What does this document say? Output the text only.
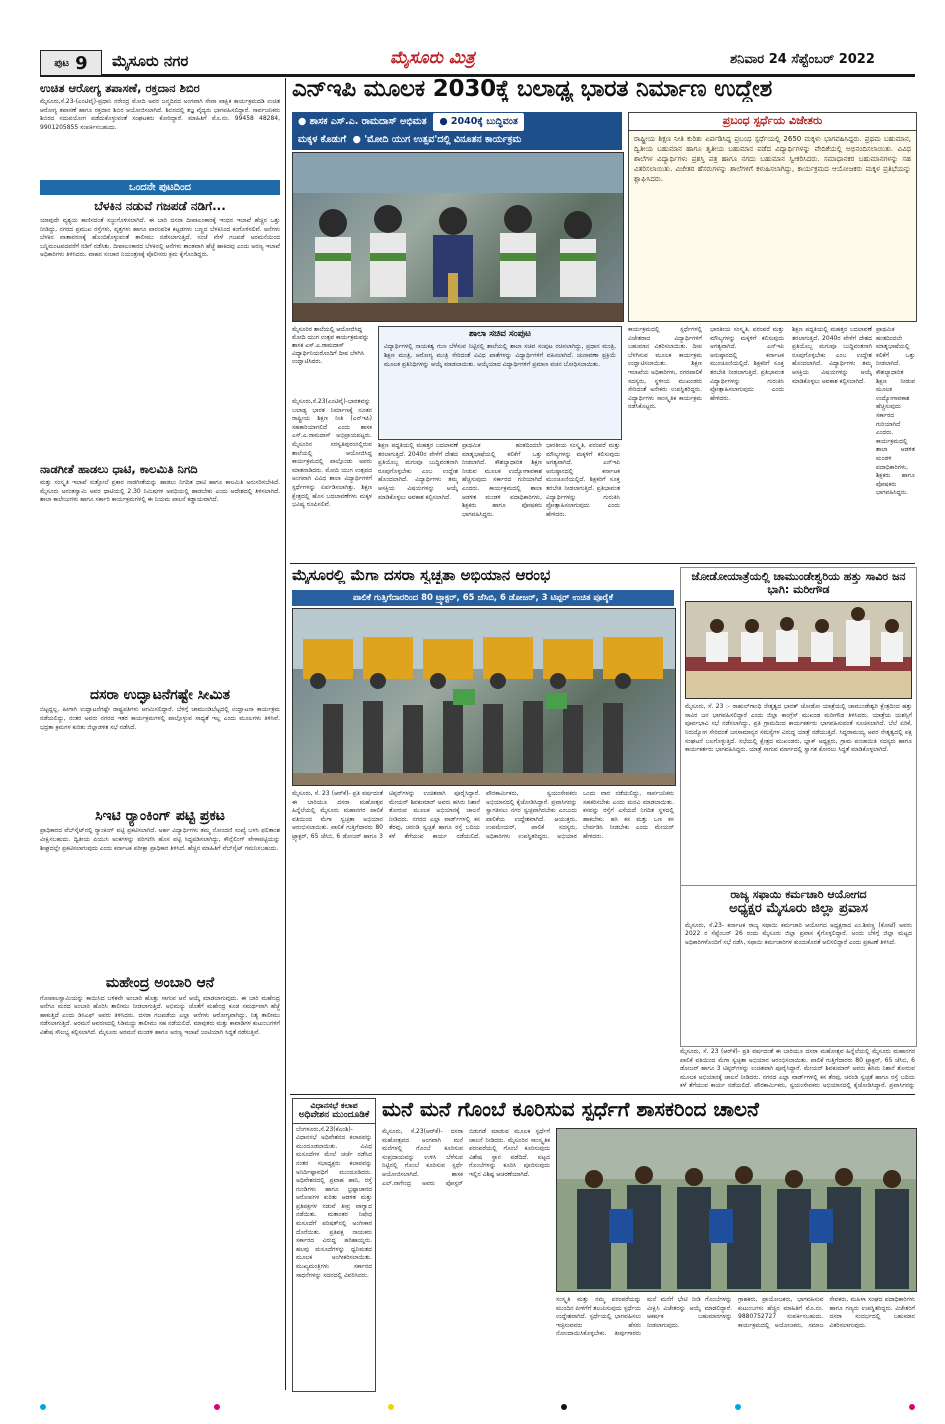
ಪುಟ 9 ಮೈಸೂರು ನಗರ	ಮೈಸೂರು ಮಿತ್ರ	ಶನಿವಾರ 24 ಸೆಪ್ಟೆಂಬರ್ 2022
ಉಚಿತ ಆರೋಗ್ಯ ತಪಾಸಣೆ, ರಕ್ತದಾನ ಶಿಬಿರ
ಮೈಸೂರು,ಸೆ.23-(ಎಂಟಿವೈ)-ಪ್ರಧಾನಿ ನರೇಂದ್ರ ಮೋದಿ ಅವರ ಜನ್ಮದಿನದ ಅಂಗವಾಗಿ ಸೇವಾ ಪಾಕ್ಷಿಕ ಕಾರ್ಯಕ್ರಮದಡಿ ಉಚಿತ ಆರೋಗ್ಯ ತಪಾಸಣೆ ಹಾಗೂ ರಕ್ತದಾನ ಶಿಬಿರ ಆಯೋಜಿಸಲಾಗಿದೆ. ಶಿಬಿರದಲ್ಲಿ ತಜ್ಞ ವೈದ್ಯರು ಭಾಗವಹಿಸಲಿದ್ದಾರೆ. ಸಾರ್ವಜನಿಕರು ಶಿಬಿರದ ಸದುಪಯೋಗ ಪಡೆದುಕೊಳ್ಳುವಂತೆ ಸಂಘಟಕರು ಕೋರಿದ್ದಾರೆ. ಮಾಹಿತಿಗೆ ಮೊ.ನಂ. 99458 48284, 9901205855 ಸಂಪರ್ಕಿಸಬಹುದು.
ಒಂದನೇ ಪುಟದಿಂದ
ಬೆಳಕಿನ ನಡುವೆ ಗಜಪಡೆ ನಡಿಗೆ...
ಯಾವುದೇ ವ್ಯತ್ಯಯ ಕಾಣಿಸದಂತೆ ಸಜ್ಜುಗೊಳಿಸಲಾಗಿದೆ. ಈ ಬಾರಿ ದಸರಾ ದೀಪಾಲಂಕಾರಕ್ಕೆ ಇಂಧನ ಇಲಾಖೆ ಹೆಚ್ಚಿನ ಒತ್ತು ನೀಡಿದ್ದು, ನಗರದ ಪ್ರಮುಖ ರಸ್ತೆಗಳು, ವೃತ್ತಗಳು ಹಾಗೂ ಪಾರಂಪರಿಕ ಕಟ್ಟಡಗಳು ಬಣ್ಣದ ಬೆಳಕಿನಿಂದ ಕಂಗೊಳಿಸಲಿವೆ. ಆನೆಗಳು ಬೆಳಕಿನ ವಾತಾವರಣಕ್ಕೆ ಹೊಂದಿಕೊಳ್ಳುವಂತೆ ತಾಲೀಮು ನಡೆಸಲಾಗುತ್ತಿದೆ. ಸಂಜೆ ವೇಳೆ ಗಜಪಡೆ ಅರಮನೆಯಿಂದ ಬನ್ನಿಮಂಟಪದವರೆಗೆ ನಡಿಗೆ ನಡೆಸಿತು. ದೀಪಾಲಂಕಾರದ ಬೆಳಕಿನಲ್ಲಿ ಆನೆಗಳು ಶಾಂತವಾಗಿ ಹೆಜ್ಜೆ ಹಾಕಿದವು ಎಂದು ಅರಣ್ಯ ಇಲಾಖೆ ಅಧಿಕಾರಿಗಳು ತಿಳಿಸಿದರು. ವಾಹನ ಸಂಚಾರ ನಿಯಂತ್ರಣಕ್ಕೆ ಪೊಲೀಸರು ಕ್ರಮ ಕೈಗೊಂಡಿದ್ದರು.
ನಾಡಗೀತೆ ಹಾಡಲು ಧಾಟಿ, ಕಾಲಮಿತಿ ನಿಗದಿ
ಮತ್ತು ಸಂಸ್ಕೃತಿ ಇಲಾಖೆ ಸುತ್ತೋಲೆ ಪ್ರಕಾರ ನಾಡಗೀತೆಯನ್ನು ಹಾಡಲು ನಿಗದಿತ ಧಾಟಿ ಹಾಗೂ ಕಾಲಮಿತಿ ಅನುಸರಿಸಬೇಕಿದೆ. ಮೈಸೂರು ಅನಂತಸ್ವಾಮಿ ಅವರ ಧಾಟಿಯಲ್ಲಿ 2.30 ನಿಮಿಷಗಳ ಅವಧಿಯಲ್ಲಿ ಹಾಡಬೇಕು ಎಂದು ಆದೇಶದಲ್ಲಿ ತಿಳಿಸಲಾಗಿದೆ. ಶಾಲಾ ಕಾಲೇಜುಗಳು ಹಾಗೂ ಸರ್ಕಾರಿ ಕಾರ್ಯಕ್ರಮಗಳಲ್ಲಿ ಈ ನಿಯಮ ಪಾಲನೆ ಕಡ್ಡಾಯವಾಗಿದೆ.
ದಸರಾ ಉದ್ಘಾಟನೆಗಷ್ಟೇ ಸೀಮಿತ
ಬಿಟ್ಟದ್ದಲ್ಲ. ಹೀಗಾಗಿ ಉದ್ಘಾಟನೆಗಷ್ಟೇ ರಾಷ್ಟ್ರಪತಿಗಳು ಆಗಮಿಸಲಿದ್ದಾರೆ. ಬೆಳಿಗ್ಗೆ ಚಾಮುಂಡಿಬೆಟ್ಟದಲ್ಲಿ ಉದ್ಘಾಟನಾ ಕಾರ್ಯಕ್ರಮ ನಡೆಯಲಿದ್ದು, ನಂತರ ಅವರು ನಗರದ ಇತರ ಕಾರ್ಯಕ್ರಮಗಳಲ್ಲಿ ಪಾಲ್ಗೊಳ್ಳುವ ಸಾಧ್ಯತೆ ಇಲ್ಲ ಎಂದು ಮೂಲಗಳು ತಿಳಿಸಿವೆ. ಭದ್ರತಾ ಕ್ರಮಗಳ ಕುರಿತು ಜಿಲ್ಲಾಡಳಿತ ಸಭೆ ನಡೆಸಿದೆ.
ಸಿಇಟಿ ರ‍್ಯಾಂಕಿಂಗ್ ಪಟ್ಟಿ ಪ್ರಕಟ
ಪ್ರಾಧಿಕಾರದ ವೆಬ್‌ಸೈಟ್‌ನಲ್ಲಿ ರ‍್ಯಾಂಕಿಂಗ್ ಪಟ್ಟಿ ಪ್ರಕಟಿಸಲಾಗಿದೆ. ಅರ್ಹ ವಿದ್ಯಾರ್ಥಿಗಳು ತಮ್ಮ ನೋಂದಣಿ ಸಂಖ್ಯೆ ಬಳಸಿ ಫಲಿತಾಂಶ ವೀಕ್ಷಿಸಬಹುದು. ದ್ವಿತೀಯ ಪಿಯುಸಿ ಅಂಕಗಳನ್ನು ಪರಿಗಣಿಸಿ ಹೊಸ ಪಟ್ಟಿ ಸಿದ್ಧಪಡಿಸಲಾಗಿದ್ದು, ಕೌನ್ಸೆಲಿಂಗ್ ವೇಳಾಪಟ್ಟಿಯನ್ನು ಶೀಘ್ರದಲ್ಲೇ ಪ್ರಕಟಿಸಲಾಗುವುದು ಎಂದು ಕರ್ನಾಟಕ ಪರೀಕ್ಷಾ ಪ್ರಾಧಿಕಾರ ತಿಳಿಸಿದೆ. ಹೆಚ್ಚಿನ ಮಾಹಿತಿಗೆ ವೆಬ್‌ಸೈಟ್ ಗಮನಿಸಬಹುದು.
ಮಹೇಂದ್ರ ಅಂಬಾರಿ ಆನೆ
ಗೋಪಾಲಸ್ವಾಮಿಯನ್ನು ಕಾಯಿಸಿದ ಬಳಿಕವೇ ಅಂಬಾರಿ ಹೊತ್ತು ಸಾಗುವ ಆನೆ ಆಯ್ಕೆ ಮಾಡಲಾಗುವುದು. ಈ ಬಾರಿ ಮಹೇಂದ್ರ ಆನೆಗೂ ಮರದ ಅಂಬಾರಿ ಹೊರಿಸಿ ತಾಲೀಮು ನೀಡಲಾಗುತ್ತಿದೆ. ಅಭಿಮನ್ಯು ಜೊತೆಗೆ ಮಹೇಂದ್ರ ಕೂಡ ಸಮರ್ಥವಾಗಿ ಹೆಜ್ಜೆ ಹಾಕುತ್ತಿದೆ ಎಂದು ಡಿಸಿಎಫ್ ಅವರು ತಿಳಿಸಿದರು. ದಸರಾ ಗಜಪಡೆಯ ಎಲ್ಲಾ ಆನೆಗಳು ಆರೋಗ್ಯವಾಗಿದ್ದು, ನಿತ್ಯ ತಾಲೀಮು ನಡೆಸಲಾಗುತ್ತಿದೆ. ಅರಮನೆ ಆವರಣದಲ್ಲಿ ಸಿಡಿಮದ್ದು ತಾಲೀಮು ಸಹ ನಡೆಯಲಿದೆ. ಮಾವುತರು ಮತ್ತು ಕಾವಾಡಿಗಳ ಕುಟುಂಬಗಳಿಗೆ ವಿಶೇಷ ಸೌಲಭ್ಯ ಕಲ್ಪಿಸಲಾಗಿದೆ. ಮೈಸೂರು ಅರಮನೆ ಮಂಡಳಿ ಹಾಗೂ ಅರಣ್ಯ ಇಲಾಖೆ ಜಂಟಿಯಾಗಿ ಸಿದ್ಧತೆ ನಡೆಸುತ್ತಿವೆ.
ಎನ್‌ಇಪಿ ಮೂಲಕ 2030ಕ್ಕೆ ಬಲಾಢ್ಯ ಭಾರತ ನಿರ್ಮಾಣ ಉದ್ದೇಶ
● ಶಾಸಕ ಎಸ್.ಎ. ರಾಮದಾಸ್ ಅಭಿಮತ ● 2040ಕ್ಕೆ ಬುದ್ಧಿವಂತ
ಮಕ್ಕಳ ಕೊಡುಗೆ ● 'ಮೋದಿ ಯುಗ ಉತ್ಸವ'ದಲ್ಲಿ ವಿನೂತನ ಕಾರ್ಯಕ್ರಮ
ಪ್ರಬಂಧ ಸ್ಪರ್ಧೆಯ ವಿಜೇತರು
ರಾಷ್ಟ್ರೀಯ ಶಿಕ್ಷಣ ನೀತಿ ಕುರಿತು ಏರ್ಪಡಿಸಿದ್ದ ಪ್ರಬಂಧ ಸ್ಪರ್ಧೆಯಲ್ಲಿ 2650 ಮಕ್ಕಳು ಭಾಗವಹಿಸಿದ್ದರು. ಪ್ರಥಮ ಬಹುಮಾನ, ದ್ವಿತೀಯ ಬಹುಮಾನ ಹಾಗೂ ತೃತೀಯ ಬಹುಮಾನ ಪಡೆದ ವಿದ್ಯಾರ್ಥಿಗಳನ್ನು ವೇದಿಕೆಯಲ್ಲಿ ಅಭಿನಂದಿಸಲಾಯಿತು. ವಿವಿಧ ಶಾಲೆಗಳ ವಿದ್ಯಾರ್ಥಿಗಳು ಪ್ರಶಸ್ತಿ ಪತ್ರ ಹಾಗೂ ನಗದು ಬಹುಮಾನ ಸ್ವೀಕರಿಸಿದರು. ಸಮಾಧಾನಕರ ಬಹುಮಾನಗಳನ್ನು ಸಹ ವಿತರಿಸಲಾಯಿತು. ವಿಜೇತರ ಹೆಸರುಗಳನ್ನು ಶಾಲೆಗಳಿಗೆ ಕಳುಹಿಸಲಾಗಿದ್ದು, ಕಾರ್ಯಕ್ರಮದ ಆಯೋಜಕರು ಮಕ್ಕಳ ಪ್ರತಿಭೆಯನ್ನು ಶ್ಲಾಘಿಸಿದರು.
ಮೈಸೂರಿನ ಶಾಲೆಯಲ್ಲಿ ಆಯೋಜಿಸಿದ್ದ ಮೋದಿ ಯುಗ ಉತ್ಸವ ಕಾರ್ಯಕ್ರಮವನ್ನು ಶಾಸಕ ಎಸ್.ಎ.ರಾಮದಾಸ್ ವಿದ್ಯಾರ್ಥಿನಿಯರೊಂದಿಗೆ ದೀಪ ಬೆಳಗಿಸಿ ಉದ್ಘಾಟಿಸಿದರು.
ಮೈಸೂರು,ಸೆ.23(ಎಂಟಿವೈ)-ಭಾರತವನ್ನು ಬಲಾಢ್ಯ ಭಾರತ ನಿರ್ಮಾಣಕ್ಕೆ ನೂತನ ರಾಷ್ಟ್ರೀಯ ಶಿಕ್ಷಣ ನೀತಿ (ಎನ್‌ಇಪಿ) ಸಹಕಾರಿಯಾಗಲಿದೆ ಎಂದು ಶಾಸಕ ಎಸ್.ಎ.ರಾಮದಾಸ್ ಅಭಿಪ್ರಾಯಪಟ್ಟರು. ಮೈಸೂರಿನ ಸರಸ್ವತಿಪುರಂನಲ್ಲಿರುವ ಶಾಲೆಯಲ್ಲಿ ಆಯೋಜಿಸಿದ್ದ ಕಾರ್ಯಕ್ರಮದಲ್ಲಿ ಪಾಲ್ಗೊಂಡು ಅವರು ಮಾತನಾಡಿದರು. ಮೋದಿ ಯುಗ ಉತ್ಸವದ ಅಂಗವಾಗಿ ವಿವಿಧ ಶಾಲಾ ವಿದ್ಯಾರ್ಥಿಗಳಿಗೆ ಸ್ಪರ್ಧೆಗಳನ್ನು ಏರ್ಪಡಿಸಲಾಗಿತ್ತು. ಶಿಕ್ಷಣ ಕ್ಷೇತ್ರದಲ್ಲಿ ಹೊಸ ಬದಲಾವಣೆಗಳು ಮಕ್ಕಳ ಭವಿಷ್ಯ ರೂಪಿಸಲಿವೆ.
ಶಾಲಾ ಸಚಿವ ಸಂಪುಟ
ವಿದ್ಯಾರ್ಥಿಗಳಲ್ಲಿ ನಾಯಕತ್ವ ಗುಣ ಬೆಳೆಸುವ ನಿಟ್ಟಿನಲ್ಲಿ ಶಾಲೆಯಲ್ಲಿ ಶಾಲಾ ಸಚಿವ ಸಂಪುಟ ರಚಿಸಲಾಗಿದ್ದು, ಪ್ರಧಾನ ಮಂತ್ರಿ, ಶಿಕ್ಷಣ ಮಂತ್ರಿ, ಆರೋಗ್ಯ ಮಂತ್ರಿ ಸೇರಿದಂತೆ ವಿವಿಧ ಖಾತೆಗಳನ್ನು ವಿದ್ಯಾರ್ಥಿಗಳಿಗೆ ವಹಿಸಲಾಗಿದೆ. ಚುನಾವಣಾ ಪ್ರಕ್ರಿಯೆ ಮೂಲಕ ಪ್ರತಿನಿಧಿಗಳನ್ನು ಆಯ್ಕೆ ಮಾಡಲಾಯಿತು. ಆಯ್ಕೆಯಾದ ವಿದ್ಯಾರ್ಥಿಗಳಿಗೆ ಪ್ರಮಾಣ ವಚನ ಬೋಧಿಸಲಾಯಿತು.
ಶಿಕ್ಷಣ ಪದ್ಧತಿಯಲ್ಲಿ ಮಹತ್ತರ ಬದಲಾವಣೆ ತರಲಾಗುತ್ತಿದೆ. 2040ರ ವೇಳೆಗೆ ದೇಶದ ಪ್ರತಿಯೊಬ್ಬ ಮಗುವೂ ಬುದ್ಧಿವಂತನಾಗಿ ರೂಪುಗೊಳ್ಳಬೇಕು ಎಂಬ ಉದ್ದೇಶ ಹೊಂದಲಾಗಿದೆ. ವಿದ್ಯಾರ್ಥಿಗಳು ತಮ್ಮ ಆಸಕ್ತಿಯ ವಿಷಯಗಳನ್ನು ಆಯ್ಕೆ ಮಾಡಿಕೊಳ್ಳಲು ಅವಕಾಶ ಕಲ್ಪಿಸಲಾಗಿದೆ.
ಪ್ರಾಥಮಿಕ ಹಂತದಿಂದಲೇ ಮಾತೃಭಾಷೆಯಲ್ಲಿ ಕಲಿಕೆಗೆ ಒತ್ತು ನೀಡಲಾಗಿದೆ. ಕೌಶಲ್ಯಾಧಾರಿತ ಶಿಕ್ಷಣ ನೀಡುವ ಮೂಲಕ ಉದ್ಯೋಗಾವಕಾಶ ಹೆಚ್ಚಿಸುವುದು ಸರ್ಕಾರದ ಗುರಿಯಾಗಿದೆ ಎಂದರು. ಕಾರ್ಯಕ್ರಮದಲ್ಲಿ ಶಾಲಾ ಆಡಳಿತ ಮಂಡಳಿ ಪದಾಧಿಕಾರಿಗಳು, ಶಿಕ್ಷಕರು ಹಾಗೂ ಪೋಷಕರು ಭಾಗವಹಿಸಿದ್ದರು.
ಭಾರತೀಯ ಸಂಸ್ಕೃತಿ, ಪರಂಪರೆ ಮತ್ತು ಮೌಲ್ಯಗಳನ್ನು ಮಕ್ಕಳಿಗೆ ಕಲಿಸುವುದು ಅಗತ್ಯವಾಗಿದೆ. ಎನ್‌ಇಪಿ ಅನುಷ್ಠಾನದಲ್ಲಿ ಕರ್ನಾಟಕ ಮುಂಚೂಣಿಯಲ್ಲಿದೆ. ಶಿಕ್ಷಕರಿಗೆ ಸೂಕ್ತ ತರಬೇತಿ ನೀಡಲಾಗುತ್ತಿದೆ. ಪ್ರತಿಭಾವಂತ ವಿದ್ಯಾರ್ಥಿಗಳನ್ನು ಗುರುತಿಸಿ ಪ್ರೋತ್ಸಾಹಿಸಲಾಗುವುದು ಎಂದು ಹೇಳಿದರು.
ಕಾರ್ಯಕ್ರಮದಲ್ಲಿ ಸ್ಪರ್ಧೆಗಳಲ್ಲಿ ವಿಜೇತರಾದ ವಿದ್ಯಾರ್ಥಿಗಳಿಗೆ ಬಹುಮಾನ ವಿತರಿಸಲಾಯಿತು. ದೀಪ ಬೆಳಗಿಸುವ ಮೂಲಕ ಕಾರ್ಯಕ್ರಮ ಉದ್ಘಾಟಿಸಲಾಯಿತು. ಶಿಕ್ಷಣ ಇಲಾಖೆಯ ಅಧಿಕಾರಿಗಳು, ನಗರಪಾಲಿಕೆ ಸದಸ್ಯರು, ಸ್ಥಳೀಯ ಮುಖಂಡರು ಸೇರಿದಂತೆ ಅನೇಕರು ಉಪಸ್ಥಿತರಿದ್ದರು. ವಿದ್ಯಾರ್ಥಿಗಳು ಸಾಂಸ್ಕೃತಿಕ ಕಾರ್ಯಕ್ರಮ ನಡೆಸಿಕೊಟ್ಟರು.
ಭಾರತೀಯ ಸಂಸ್ಕೃತಿ, ಪರಂಪರೆ ಮತ್ತು ಮೌಲ್ಯಗಳನ್ನು ಮಕ್ಕಳಿಗೆ ಕಲಿಸುವುದು ಅಗತ್ಯವಾಗಿದೆ. ಎನ್‌ಇಪಿ ಅನುಷ್ಠಾನದಲ್ಲಿ ಕರ್ನಾಟಕ ಮುಂಚೂಣಿಯಲ್ಲಿದೆ. ಶಿಕ್ಷಕರಿಗೆ ಸೂಕ್ತ ತರಬೇತಿ ನೀಡಲಾಗುತ್ತಿದೆ. ಪ್ರತಿಭಾವಂತ ವಿದ್ಯಾರ್ಥಿಗಳನ್ನು ಗುರುತಿಸಿ ಪ್ರೋತ್ಸಾಹಿಸಲಾಗುವುದು ಎಂದು ಹೇಳಿದರು.
ಶಿಕ್ಷಣ ಪದ್ಧತಿಯಲ್ಲಿ ಮಹತ್ತರ ಬದಲಾವಣೆ ತರಲಾಗುತ್ತಿದೆ. 2040ರ ವೇಳೆಗೆ ದೇಶದ ಪ್ರತಿಯೊಬ್ಬ ಮಗುವೂ ಬುದ್ಧಿವಂತನಾಗಿ ರೂಪುಗೊಳ್ಳಬೇಕು ಎಂಬ ಉದ್ದೇಶ ಹೊಂದಲಾಗಿದೆ. ವಿದ್ಯಾರ್ಥಿಗಳು ತಮ್ಮ ಆಸಕ್ತಿಯ ವಿಷಯಗಳನ್ನು ಆಯ್ಕೆ ಮಾಡಿಕೊಳ್ಳಲು ಅವಕಾಶ ಕಲ್ಪಿಸಲಾಗಿದೆ.
ಪ್ರಾಥಮಿಕ ಹಂತದಿಂದಲೇ ಮಾತೃಭಾಷೆಯಲ್ಲಿ ಕಲಿಕೆಗೆ ಒತ್ತು ನೀಡಲಾಗಿದೆ. ಕೌಶಲ್ಯಾಧಾರಿತ ಶಿಕ್ಷಣ ನೀಡುವ ಮೂಲಕ ಉದ್ಯೋಗಾವಕಾಶ ಹೆಚ್ಚಿಸುವುದು ಸರ್ಕಾರದ ಗುರಿಯಾಗಿದೆ ಎಂದರು. ಕಾರ್ಯಕ್ರಮದಲ್ಲಿ ಶಾಲಾ ಆಡಳಿತ ಮಂಡಳಿ ಪದಾಧಿಕಾರಿಗಳು, ಶಿಕ್ಷಕರು ಹಾಗೂ ಪೋಷಕರು ಭಾಗವಹಿಸಿದ್ದರು.
ಮೈಸೂರಲ್ಲಿ ಮೆಗಾ ದಸರಾ ಸ್ವಚ್ಛತಾ ಅಭಿಯಾನ ಆರಂಭ
ಪಾಲಿಕೆ ಗುತ್ತಿಗೆದಾರರಿಂದ 80 ಟ್ರ್ಯಾಕ್ಟರ್, 65 ಜೆಸಿಬಿ, 6 ಡೋಜರ್, 3 ಟಿಪ್ಪರ್ ಉಚಿತ ಪೂರೈಕೆ
ಮೈಸೂರು, ಸೆ. 23 (ಆರ್‌ಕೆ)- ಪ್ರತಿ ವರ್ಷದಂತೆ ಈ ಬಾರಿಯೂ ದಸರಾ ಮಹೋತ್ಸವ ಹಿನ್ನೆಲೆಯಲ್ಲಿ ಮೈಸೂರು ಮಹಾನಗರ ಪಾಲಿಕೆ ವತಿಯಿಂದ ಮೆಗಾ ಸ್ವಚ್ಛತಾ ಅಭಿಯಾನ ಆರಂಭಿಸಲಾಯಿತು. ಪಾಲಿಕೆ ಗುತ್ತಿಗೆದಾರರು 80 ಟ್ರ್ಯಾಕ್ಟರ್, 65 ಜೆಸಿಬಿ, 6 ಡೋಜರ್ ಹಾಗೂ 3 ಟಿಪ್ಪರ್‌ಗಳನ್ನು ಉಚಿತವಾಗಿ ಪೂರೈಸಿದ್ದಾರೆ. ಮೇಯರ್ ಶಿವಕುಮಾರ್ ಅವರು ಹಸಿರು ನಿಶಾನೆ ತೋರುವ ಮೂಲಕ ಅಭಿಯಾನಕ್ಕೆ ಚಾಲನೆ ನೀಡಿದರು. ನಗರದ ಎಲ್ಲಾ ವಾರ್ಡ್‌ಗಳಲ್ಲಿ ಕಸ ತೆರವು, ಚರಂಡಿ ಸ್ವಚ್ಛತೆ ಹಾಗೂ ರಸ್ತೆ ಬದಿಯ ಕಳೆ ತೆಗೆಯುವ ಕಾರ್ಯ ನಡೆಯಲಿದೆ. ಪೌರಕಾರ್ಮಿಕರು, ಸ್ವಯಂಸೇವಕರು ಅಭಿಯಾನದಲ್ಲಿ ಕೈಜೋಡಿಸಿದ್ದಾರೆ. ಪ್ರವಾಸಿಗರನ್ನು ಸ್ವಾಗತಿಸಲು ನಗರ ಸ್ವಚ್ಛವಾಗಿರಬೇಕು ಎಂಬುದು ಪಾಲಿಕೆಯ ಉದ್ದೇಶವಾಗಿದೆ. ಆಯುಕ್ತರು, ಉಪಮೇಯರ್, ಪಾಲಿಕೆ ಸದಸ್ಯರು, ಅಧಿಕಾರಿಗಳು ಉಪಸ್ಥಿತರಿದ್ದರು. ಅಭಿಯಾನ ಒಂದು ವಾರ ನಡೆಯಲಿದ್ದು, ಸಾರ್ವಜನಿಕರು ಸಹಕರಿಸಬೇಕು ಎಂದು ಮನವಿ ಮಾಡಲಾಯಿತು. ಕಸವನ್ನು ರಸ್ತೆಗೆ ಎಸೆಯದೆ ನಿಗದಿತ ಸ್ಥಳದಲ್ಲಿ ಹಾಕಬೇಕು. ಹಸಿ ಕಸ ಮತ್ತು ಒಣ ಕಸ ಬೇರ್ಪಡಿಸಿ ನೀಡಬೇಕು ಎಂದು ಮೇಯರ್ ಹೇಳಿದರು.
ಜೋಡೋಯಾತ್ರೆಯಲ್ಲಿ ಚಾಮುಂಡೇಶ್ವರಿಯ ಹತ್ತು ಸಾವಿರ ಜನ ಭಾಗಿ: ಮರೀಗೌಡ
ಮೈಸೂರು, ಸೆ. 23 :- ರಾಹುಲ್‌ಗಾಂಧಿ ನೇತೃತ್ವದ ಭಾರತ್ ಜೋಡೋ ಯಾತ್ರೆಯಲ್ಲಿ ಚಾಮುಂಡೇಶ್ವರಿ ಕ್ಷೇತ್ರದಿಂದ ಹತ್ತು ಸಾವಿರ ಜನ ಭಾಗವಹಿಸಲಿದ್ದಾರೆ ಎಂದು ಜಿಲ್ಲಾ ಕಾಂಗ್ರೆಸ್ ಮುಖಂಡ ಮರೀಗೌಡ ತಿಳಿಸಿದರು. ಯಾತ್ರೆಯ ಯಶಸ್ಸಿಗೆ ಪೂರ್ವಭಾವಿ ಸಭೆ ನಡೆಸಲಾಗಿದ್ದು, ಪ್ರತಿ ಗ್ರಾಮದಿಂದ ಕಾರ್ಯಕರ್ತರು ಭಾಗವಹಿಸುವಂತೆ ಸೂಚಿಸಲಾಗಿದೆ. ಬೆಲೆ ಏರಿಕೆ, ನಿರುದ್ಯೋಗ ಸೇರಿದಂತೆ ಜನಸಾಮಾನ್ಯರ ಸಮಸ್ಯೆಗಳ ವಿರುದ್ಧ ಯಾತ್ರೆ ನಡೆಯುತ್ತಿದೆ. ಸಿದ್ದರಾಮಯ್ಯ ಅವರ ನೇತೃತ್ವದಲ್ಲಿ ಪಕ್ಷ ಸಂಘಟನೆ ಬಲಗೊಳ್ಳುತ್ತಿದೆ. ಸಭೆಯಲ್ಲಿ ಕ್ಷೇತ್ರದ ಮುಖಂಡರು, ಬ್ಲಾಕ್ ಅಧ್ಯಕ್ಷರು, ಗ್ರಾಮ ಪಂಚಾಯಿತಿ ಸದಸ್ಯರು ಹಾಗೂ ಕಾರ್ಯಕರ್ತರು ಭಾಗವಹಿಸಿದ್ದರು. ಯಾತ್ರೆ ಸಾಗುವ ಮಾರ್ಗದಲ್ಲಿ ಸ್ವಾಗತ ಕೋರಲು ಸಿದ್ಧತೆ ಮಾಡಿಕೊಳ್ಳಲಾಗಿದೆ.
ರಾಜ್ಯ ಸಫಾಯಿ ಕರ್ಮಚಾರಿ ಆಯೋಗದ
ಅಧ್ಯಕ್ಷರ ಮೈಸೂರು ಜಿಲ್ಲಾ ಪ್ರವಾಸ
ಮೈಸೂರು, ಸೆ.23- ಕರ್ನಾಟಕ ರಾಜ್ಯ ಸಫಾಯಿ ಕರ್ಮಚಾರಿ ಆಯೋಗದ ಅಧ್ಯಕ್ಷರಾದ ಎಂ.ಶಿವಣ್ಣ (ಕೋಟೆ) ಅವರು 2022 ರ ಸೆಪ್ಟೆಂಬರ್ 26 ರಂದು ಮೈಸೂರು ಜಿಲ್ಲಾ ಪ್ರವಾಸ ಕೈಗೊಳ್ಳಲಿದ್ದಾರೆ. ಅಂದು ಬೆಳಿಗ್ಗೆ ಜಿಲ್ಲಾ ಮಟ್ಟದ ಅಧಿಕಾರಿಗಳೊಂದಿಗೆ ಸಭೆ ನಡೆಸಿ, ಸಫಾಯಿ ಕರ್ಮಚಾರಿಗಳ ಕುಂದುಕೊರತೆ ಆಲಿಸಲಿದ್ದಾರೆ ಎಂದು ಪ್ರಕಟಣೆ ತಿಳಿಸಿದೆ.
ಮೈಸೂರು, ಸೆ. 23 (ಆರ್‌ಕೆ)- ಪ್ರತಿ ವರ್ಷದಂತೆ ಈ ಬಾರಿಯೂ ದಸರಾ ಮಹೋತ್ಸವ ಹಿನ್ನೆಲೆಯಲ್ಲಿ ಮೈಸೂರು ಮಹಾನಗರ ಪಾಲಿಕೆ ವತಿಯಿಂದ ಮೆಗಾ ಸ್ವಚ್ಛತಾ ಅಭಿಯಾನ ಆರಂಭಿಸಲಾಯಿತು. ಪಾಲಿಕೆ ಗುತ್ತಿಗೆದಾರರು 80 ಟ್ರ್ಯಾಕ್ಟರ್, 65 ಜೆಸಿಬಿ, 6 ಡೋಜರ್ ಹಾಗೂ 3 ಟಿಪ್ಪರ್‌ಗಳನ್ನು ಉಚಿತವಾಗಿ ಪೂರೈಸಿದ್ದಾರೆ. ಮೇಯರ್ ಶಿವಕುಮಾರ್ ಅವರು ಹಸಿರು ನಿಶಾನೆ ತೋರುವ ಮೂಲಕ ಅಭಿಯಾನಕ್ಕೆ ಚಾಲನೆ ನೀಡಿದರು. ನಗರದ ಎಲ್ಲಾ ವಾರ್ಡ್‌ಗಳಲ್ಲಿ ಕಸ ತೆರವು, ಚರಂಡಿ ಸ್ವಚ್ಛತೆ ಹಾಗೂ ರಸ್ತೆ ಬದಿಯ ಕಳೆ ತೆಗೆಯುವ ಕಾರ್ಯ ನಡೆಯಲಿದೆ. ಪೌರಕಾರ್ಮಿಕರು, ಸ್ವಯಂಸೇವಕರು ಅಭಿಯಾನದಲ್ಲಿ ಕೈಜೋಡಿಸಿದ್ದಾರೆ. ಪ್ರವಾಸಿಗರನ್ನು
ವಿಧಾನಸಭೆ ಕಲಾಪ
ಅಧಿವೇಶನ ಮುಂದೂಡಿಕೆ
ಬೆಂಗಳೂರು,ಸೆ.23(ಕೆಎಂಶಿ)- ವಿಧಾನಸಭೆ ಅಧಿವೇಶನದ ಕಲಾಪವನ್ನು ಮುಂದೂಡಲಾಯಿತು. ವಿವಿಧ ಮಸೂದೆಗಳ ಮೇಲೆ ಚರ್ಚೆ ನಡೆಸಿದ ನಂತರ ಸಭಾಧ್ಯಕ್ಷರು ಕಲಾಪವನ್ನು ಅನಿರ್ದಿಷ್ಟಾವಧಿಗೆ ಮುಂದೂಡಿದರು. ಅಧಿವೇಶನದಲ್ಲಿ ಪ್ರವಾಹ ಹಾನಿ, ರಸ್ತೆ ಗುಂಡಿಗಳು ಹಾಗೂ ಭ್ರಷ್ಟಾಚಾರದ ಆರೋಪಗಳ ಕುರಿತು ಆಡಳಿತ ಮತ್ತು ಪ್ರತಿಪಕ್ಷಗಳ ನಡುವೆ ತೀವ್ರ ವಾಗ್ವಾದ ನಡೆಯಿತು. ಮತಾಂತರ ನಿಷೇಧ ಮಸೂದೆಗೆ ಪರಿಷತ್‌ನಲ್ಲಿ ಅಂಗೀಕಾರ ದೊರೆಯಿತು. ಪ್ರತಿಪಕ್ಷ ನಾಯಕರು ಸರ್ಕಾರದ ವಿರುದ್ಧ ಹರಿಹಾಯ್ದರು. ಹಲವು ಮಸೂದೆಗಳನ್ನು ಧ್ವನಿಮತದ ಮೂಲಕ ಅಂಗೀಕರಿಸಲಾಯಿತು. ಮುಖ್ಯಮಂತ್ರಿಗಳು ಸರ್ಕಾರದ ಸಾಧನೆಗಳನ್ನು ಸದನದಲ್ಲಿ ವಿವರಿಸಿದರು.
ಮನೆ ಮನೆ ಗೊಂಬೆ ಕೂರಿಸುವ ಸ್ಪರ್ಧೆಗೆ ಶಾಸಕರಿಂದ ಚಾಲನೆ
ಮೈಸೂರು, ಸೆ.23(ಆರ್‌ಕೆ)- ದಸರಾ ಮಹೋತ್ಸವದ ಅಂಗವಾಗಿ ಮನೆ ಮನೆಗಳಲ್ಲಿ ಗೊಂಬೆ ಕೂರಿಸುವ ಸಂಪ್ರದಾಯವನ್ನು ಉಳಿಸಿ ಬೆಳೆಸುವ ನಿಟ್ಟಿನಲ್ಲಿ ಗೊಂಬೆ ಕೂರಿಸುವ ಸ್ಪರ್ಧೆ ಆಯೋಜಿಸಲಾಗಿದೆ. ಶಾಸಕ ಎಲ್.ನಾಗೇಂದ್ರ ಅವರು ಪೋಸ್ಟರ್ ಬಿಡುಗಡೆ ಮಾಡುವ ಮೂಲಕ ಸ್ಪರ್ಧೆಗೆ ಚಾಲನೆ ನೀಡಿದರು. ಮೈಸೂರಿನ ಸಾಂಸ್ಕೃತಿಕ ಪರಂಪರೆಯಲ್ಲಿ ಗೊಂಬೆ ಕೂರಿಸುವುದು ವಿಶೇಷ ಸ್ಥಾನ ಪಡೆದಿದೆ. ಪಟ್ಟದ ಗೊಂಬೆಗಳನ್ನು ಕೂರಿಸಿ ಪೂಜಿಸುವುದು ಇಲ್ಲಿನ ವಿಶಿಷ್ಟ ಆಚರಣೆಯಾಗಿದೆ.
ಸಂಸ್ಕೃತಿ ಮತ್ತು ನಮ್ಮ ಪರಂಪರೆಯನ್ನು ಮುಂದಿನ ಪೀಳಿಗೆಗೆ ತಲುಪಿಸುವುದು ಸ್ಪರ್ಧೆಯ ಉದ್ದೇಶವಾಗಿದೆ. ಸ್ಪರ್ಧೆಯಲ್ಲಿ ಭಾಗವಹಿಸಲು ಇಚ್ಛಿಸುವವರು ಹೆಸರು ನೋಂದಾಯಿಸಿಕೊಳ್ಳಬೇಕು. ತೀರ್ಪುಗಾರರು ಮನೆ ಮನೆಗೆ ಭೇಟಿ ನೀಡಿ ಗೊಂಬೆಗಳನ್ನು ವೀಕ್ಷಿಸಿ ವಿಜೇತರನ್ನು ಆಯ್ಕೆ ಮಾಡಲಿದ್ದಾರೆ. ಆಕರ್ಷಕ ಬಹುಮಾನಗಳನ್ನು ನೀಡಲಾಗುವುದು.
ಗ್ರಾಹಕರು, ಪ್ರಾಯೋಜಕರು, ಭಾಗವಹಿಸುವ ಕುಟುಂಬಗಳು ಹೆಚ್ಚಿನ ಮಾಹಿತಿಗೆ ಮೊ.ನಂ. 9880752727 ಸಂಪರ್ಕಿಸಬಹುದು. ಕಾರ್ಯಕ್ರಮದಲ್ಲಿ ಆಯೋಜಕರು, ಸಮಾಜ ಸೇವಕರು, ಮಹಿಳಾ ಸಂಘದ ಪದಾಧಿಕಾರಿಗಳು ಹಾಗೂ ಗಣ್ಯರು ಉಪಸ್ಥಿತರಿದ್ದರು. ವಿಜೇತರಿಗೆ ದಸರಾ ಸಂದರ್ಭದಲ್ಲಿ ಬಹುಮಾನ ವಿತರಿಸಲಾಗುವುದು.
